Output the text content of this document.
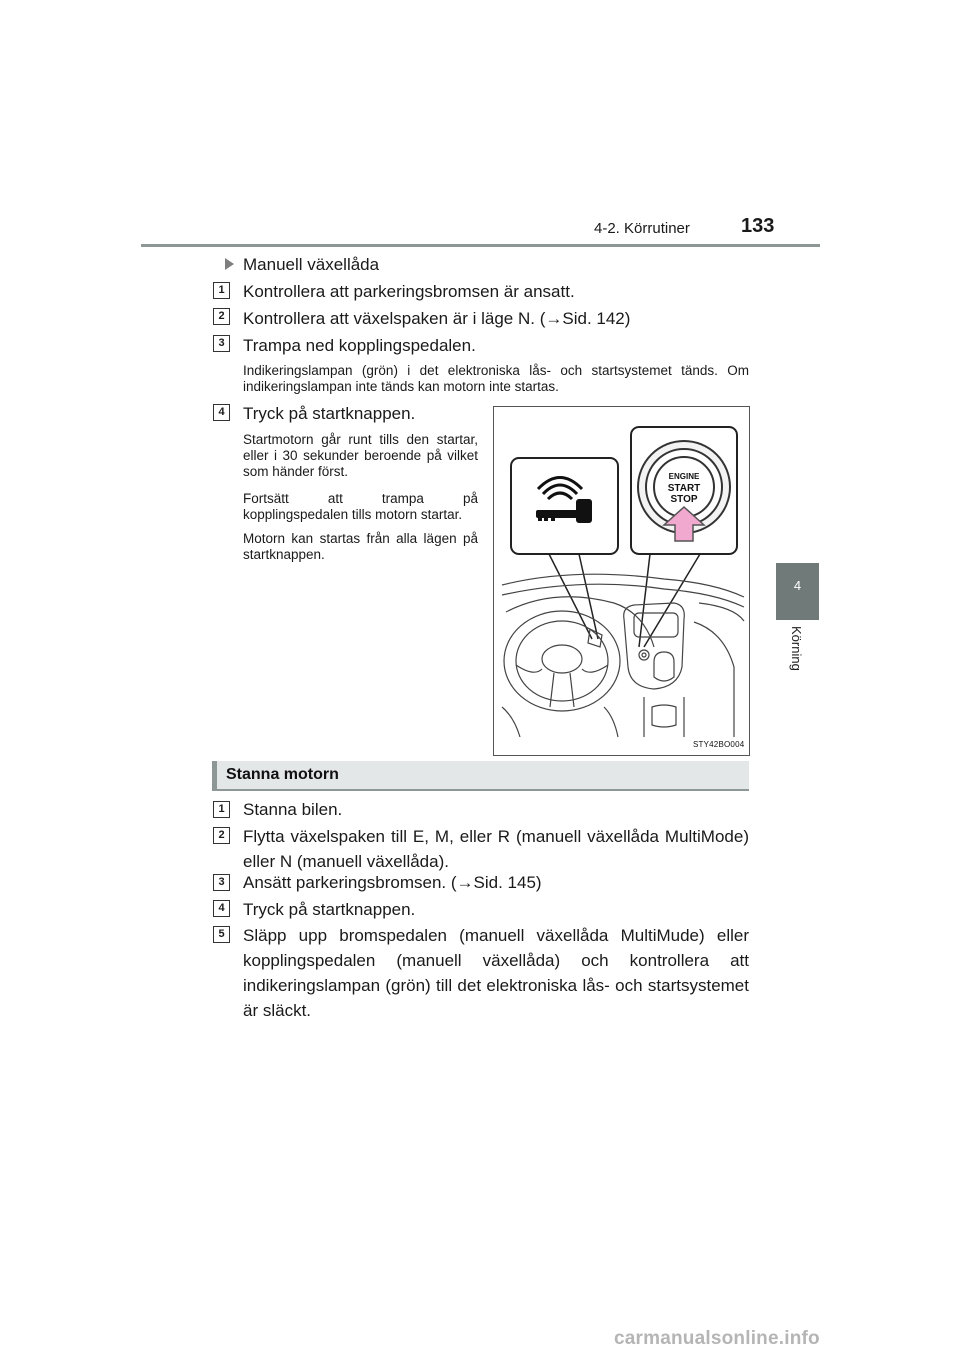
4-2. Körrutiner	133
4
Körning
Manuell växellåda
1	Kontrollera att parkeringsbromsen är ansatt.
2	Kontrollera att växelspaken är i läge N. (→Sid. 142)
3	Trampa ned kopplingspedalen.
Indikeringslampan (grön) i det elektroniska lås- och startsystemet tänds. Om indikeringslampan inte tänds kan motorn inte startas.
4	Tryck på startknappen.
Startmotorn går runt tills den startar, eller i 30 sekunder beroende på vilket som händer först.
Fortsätt att trampa på kopplingspedalen tills motorn startar.
Motorn kan startas från alla lägen på startknappen.
ENGINE
START
STOP
STY42BO004
Stanna motorn
1	Stanna bilen.
2	Flytta växelspaken till E, M, eller R (manuell växellåda MultiMode) eller N (manuell växellåda).
3	Ansätt parkeringsbromsen. (→Sid. 145)
4	Tryck på startknappen.
5	Släpp upp bromspedalen (manuell växellåda MultiMude) eller kopplingspedalen (manuell växellåda) och kontrollera att indikeringslampan (grön) till det elektroniska lås- och startsystemet är släckt.
carmanualsonline.info
